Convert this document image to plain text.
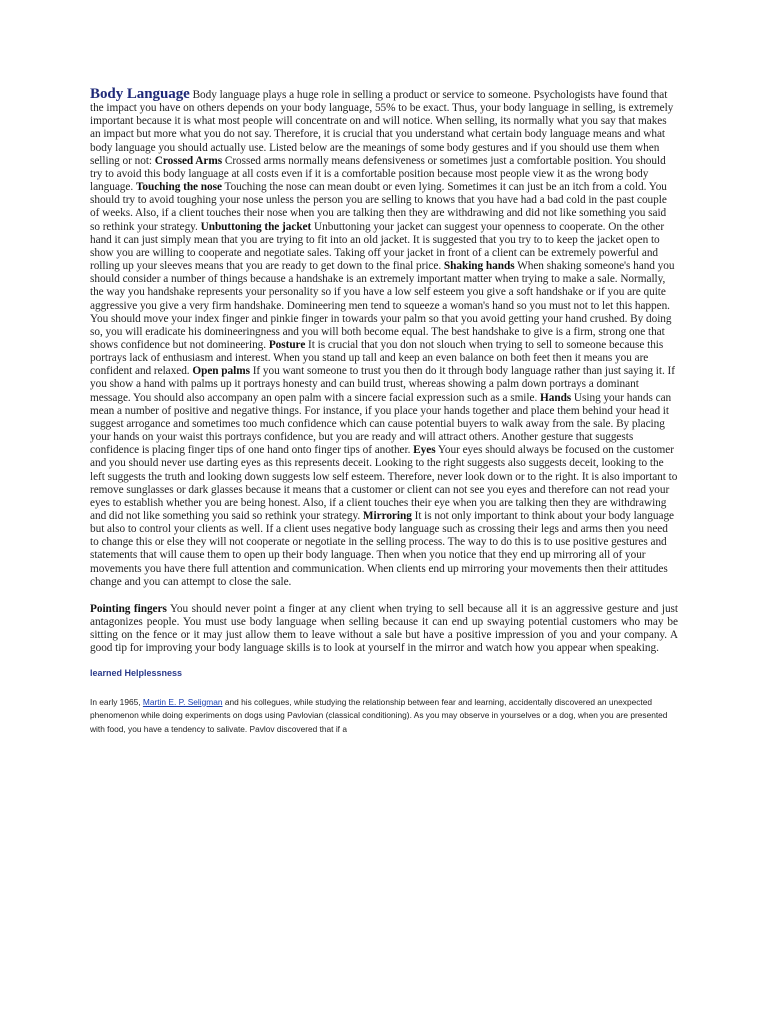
Body Language Body language plays a huge role in selling a product or service to someone. Psychologists have found that the impact you have on others depends on your body language, 55% to be exact. Thus, your body language in selling, is extremely important because it is what most people will concentrate on and will notice. When selling, its normally what you say that makes an impact but more what you do not say. Therefore, it is crucial that you understand what certain body language means and what body language you should actually use. Listed below are the meanings of some body gestures and if you should use them when selling or not: Crossed Arms Crossed arms normally means defensiveness or sometimes just a comfortable position. You should try to avoid this body language at all costs even if it is a comfortable position because most people view it as the wrong body language. Touching the nose Touching the nose can mean doubt or even lying. Sometimes it can just be an itch from a cold. You should try to avoid toughing your nose unless the person you are selling to knows that you have had a bad cold in the past couple of weeks. Also, if a client touches their nose when you are talking then they are withdrawing and did not like something you said so rethink your strategy. Unbuttoning the jacket Unbuttoning your jacket can suggest your openness to cooperate. On the other hand it can just simply mean that you are trying to fit into an old jacket. It is suggested that you try to to keep the jacket open to show you are willing to cooperate and negotiate sales. Taking off your jacket in front of a client can be extremely powerful and rolling up your sleeves means that you are ready to get down to the final price. Shaking hands When shaking someone's hand you should consider a number of things because a handshake is an extremely important matter when trying to make a sale. Normally, the way you handshake represents your personality so if you have a low self esteem you give a soft handshake or if you are quite aggressive you give a very firm handshake. Domineering men tend to squeeze a woman's hand so you must not to let this happen. You should move your index finger and pinkie finger in towards your palm so that you avoid getting your hand crushed. By doing so, you will eradicate his domineeringness and you will both become equal. The best handshake to give is a firm, strong one that shows confidence but not domineering. Posture It is crucial that you don not slouch when trying to sell to someone because this portrays lack of enthusiasm and interest. When you stand up tall and keep an even balance on both feet then it means you are confident and relaxed. Open palms If you want someone to trust you then do it through body language rather than just saying it. If you show a hand with palms up it portrays honesty and can build trust, whereas showing a palm down portrays a dominant message. You should also accompany an open palm with a sincere facial expression such as a smile. Hands Using your hands can mean a number of positive and negative things. For instance, if you place your hands together and place them behind your head it suggest arrogance and sometimes too much confidence which can cause potential buyers to walk away from the sale. By placing your hands on your waist this portrays confidence, but you are ready and will attract others. Another gesture that suggests confidence is placing finger tips of one hand onto finger tips of another. Eyes Your eyes should always be focused on the customer and you should never use darting eyes as this represents deceit. Looking to the right suggests also suggests deceit, looking to the left suggests the truth and looking down suggests low self esteem. Therefore, never look down or to the right. It is also important to remove sunglasses or dark glasses because it means that a customer or client can not see you eyes and therefore can not read your eyes to establish whether you are being honest. Also, if a client touches their eye when you are talking then they are withdrawing and did not like something you said so rethink your strategy. Mirroring It is not only important to think about your body language but also to control your clients as well. If a client uses negative body language such as crossing their legs and arms then you need to change this or else they will not cooperate or negotiate in the selling process. The way to do this is to use positive gestures and statements that will cause them to open up their body language. Then when you notice that they end up mirroring all of your movements you have there full attention and communication. When clients end up mirroring your movements then their attitudes change and you can attempt to close the sale.

Pointing fingers You should never point a finger at any client when trying to sell because all it is an aggressive gesture and just antagonizes people. You must use body language when selling because it can end up swaying potential customers who may be sitting on the fence or it may just allow them to leave without a sale but have a positive impression of you and your company. A good tip for improving your body language skills is to look at yourself in the mirror and watch how you appear when speaking.

learned Helplessness

In early 1965, Martin E. P. Seligman and his collegues, while studying the relationship between fear and learning, accidentally discovered an unexpected phenomenon while doing experiments on dogs using Pavlovian (classical conditioning). As you may observe in yourselves or a dog, when you are presented with food, you have a tendency to salivate. Pavlov discovered that if a
